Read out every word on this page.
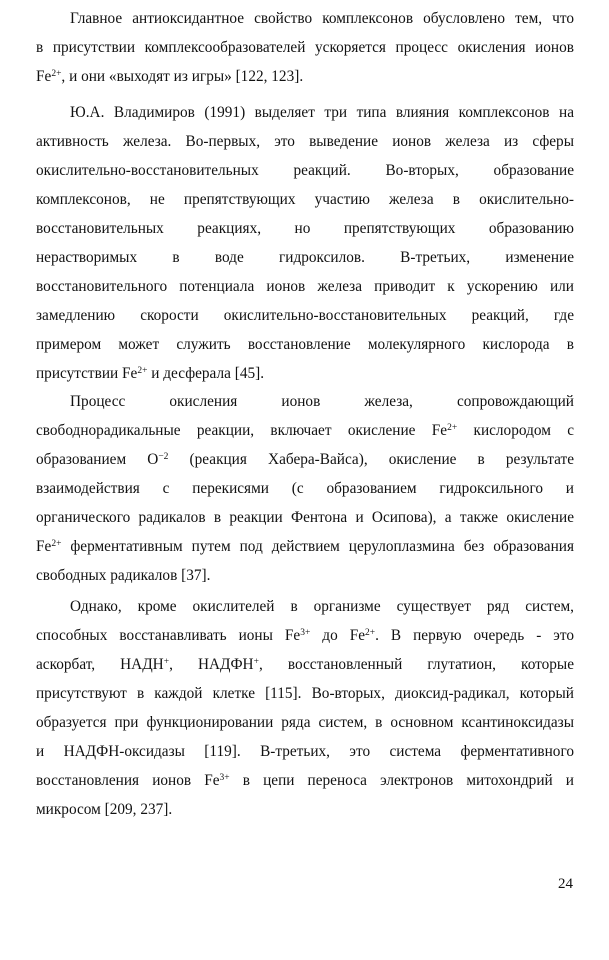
Главное антиоксидантное свойство комплексонов обусловлено тем, что
в присутствии комплексообразователей ускоряется процесс окисления ионов
$Fe^{2+}$, и они «выходят из игры» [122, 123].
Ю.А. Владимиров (1991) выделяет три типа влияния комплексонов на
активность железа. Во-первых, это выведение ионов железа из сферы
окислительно-восстановительных реакций. Во-вторых, образование
комплексонов, не препятствующих участию железа в окислительно-
восстановительных реакциях, но препятствующих образованию
нерастворимых в воде гидроксилов. В-третьих, изменение
восстановительного потенциала ионов железа приводит к ускорению или
замедлению скорости окислительно-восстановительных реакций, где
примером может служить восстановление молекулярного кислорода в
присутствии $Fe^{2+}$ и десферала [45].
Процесс окисления ионов железа, сопровождающий
свободнорадикальные реакции, включает окисление $Fe^{2+}$ кислородом с
образованием $O^{-2}$ (реакция Хабера-Вайса), окисление в результате
взаимодействия с перекисями (с образованием гидроксильного и
органического радикалов в реакции Фентона и Осипова), а также окисление
$Fe^{2+}$ ферментативным путем под действием церулоплазмина без образования
свободных радикалов [37].
Однако, кроме окислителей в организме существует ряд систем,
способных восстанавливать ионы $Fe^{3+}$ до $Fe^{2+}$. В первую очередь - это
аскорбат, НАДН+, НАДФН+, восстановленный глутатион, которые
присутствуют в каждой клетке [115]. Во-вторых, диоксид-радикал, который
образуется при функционировании ряда систем, в основном ксантиноксидазы
и НАДФН-оксидазы [119]. В-третьих, это система ферментативного
восстановления ионов $Fe^{3+}$ в цепи переноса электронов митохондрий и
микросом [209, 237].
24
